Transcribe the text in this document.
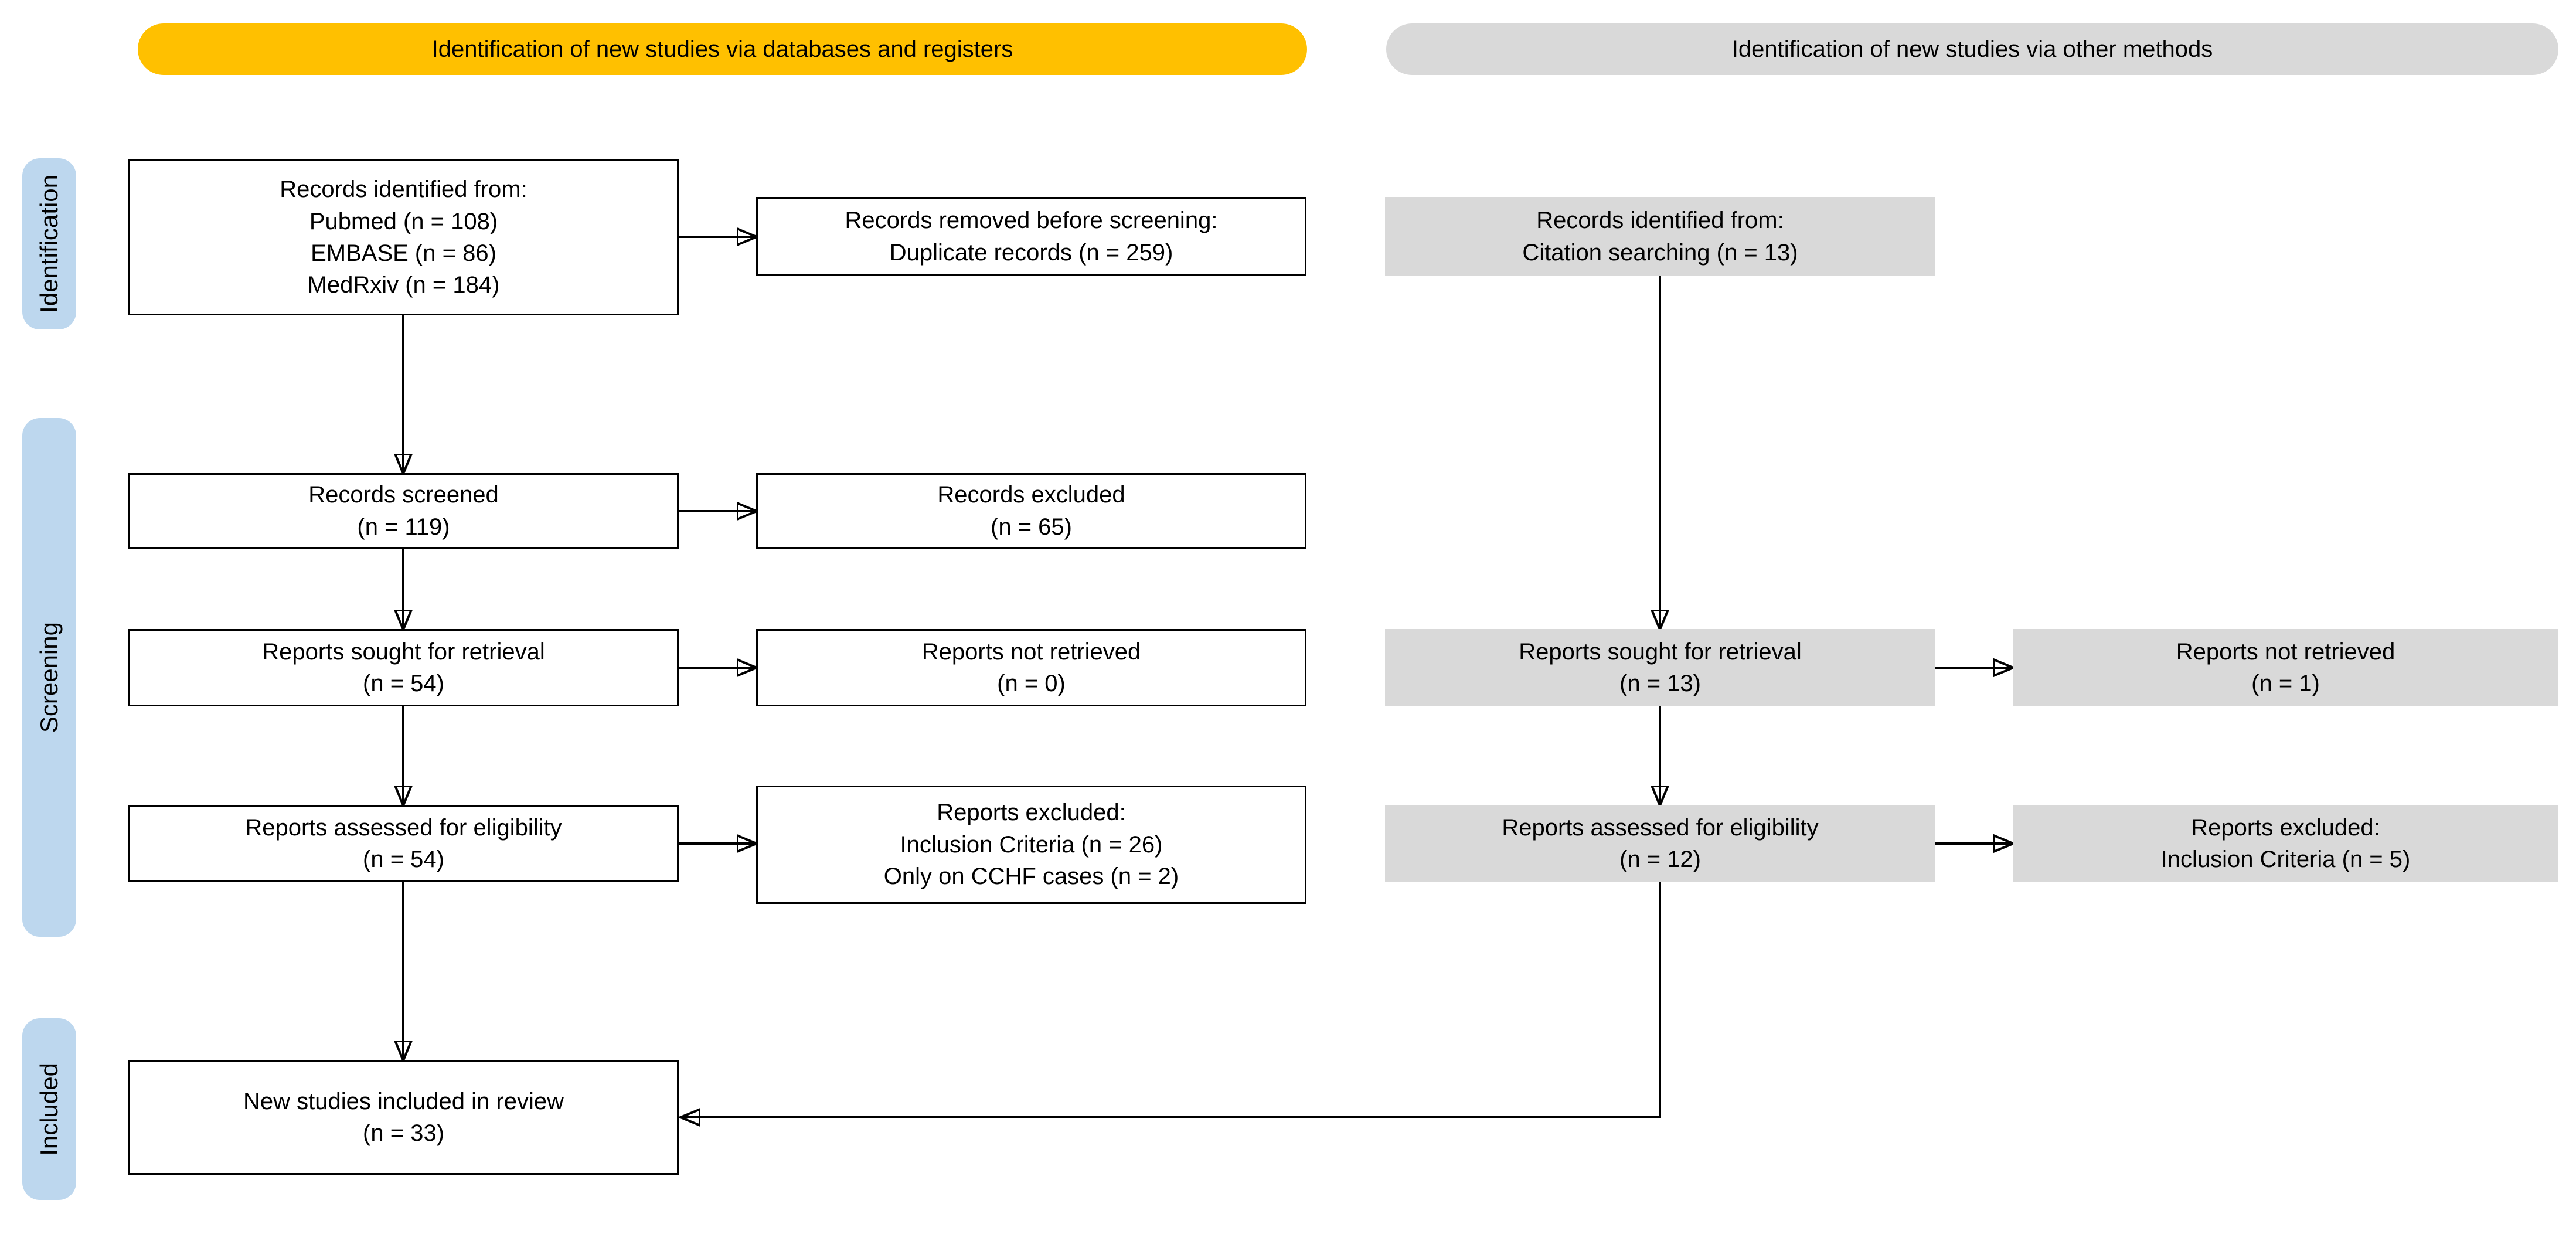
Identification of new studies via databases and registers	Identification of new studies via other methods
Identification
Screening
Included
Records identified from:
Pubmed (n = 108)
EMBASE (n = 86)
MedRxiv (n = 184)
Records screened
(n = 119)
Reports sought for retrieval
(n = 54)
Reports assessed for eligibility
(n = 54)
New studies included in review
(n = 33)
Records removed before screening:
Duplicate records (n = 259)
Records excluded
(n = 65)
Reports not retrieved
(n = 0)
Reports excluded:
Inclusion Criteria (n = 26)
Only on CCHF cases (n = 2)
Records identified from:
Citation searching (n = 13)
Reports sought for retrieval
(n = 13)
Reports assessed for eligibility
(n = 12)
Reports not retrieved
(n = 1)
Reports excluded:
Inclusion Criteria (n = 5)
